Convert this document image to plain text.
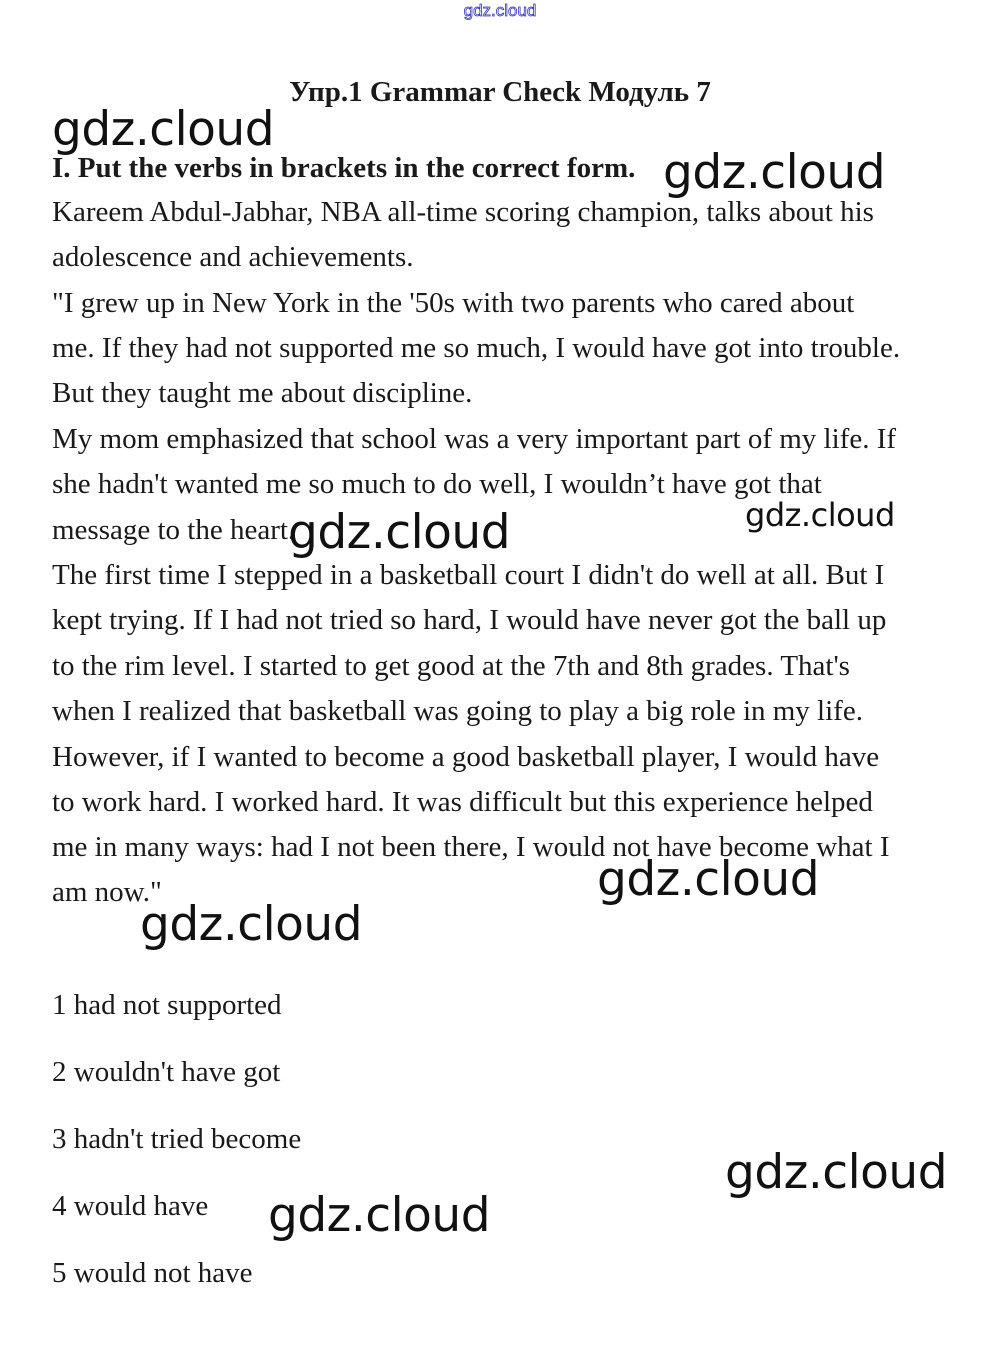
gdz.cloud
Упр.1 Grammar Check Модуль 7
I. Put the verbs in brackets in the correct form.
Kareem Abdul-Jabhar, NBA all-time scoring champion, talks about his
adolescence and achievements.
"I grew up in New York in the '50s with two parents who cared about
me. If they had not supported me so much, I would have got into trouble.
But they taught me about discipline.
My mom emphasized that school was a very important part of my life. If
she hadn't wanted me so much to do well, I wouldn’t have got that
message to the heart.
The first time I stepped in a basketball court I didn't do well at all. But I
kept trying. If I had not tried so hard, I would have never got the ball up
to the rim level. I started to get good at the 7th and 8th grades. That's
when I realized that basketball was going to play a big role in my life.
However, if I wanted to become a good basketball player, I would have
to work hard. I worked hard. It was difficult but this experience helped
me in many ways: had I not been there, I would not have become what I
am now."
1 had not supported
2 wouldn't have got
3 hadn't tried become
4 would have
5 would not have
gdz.cloud
gdz.cloud
gdz.cloud	gdz.cloud
gdz.cloud
gdz.cloud
gdz.cloud
gdz.cloud
